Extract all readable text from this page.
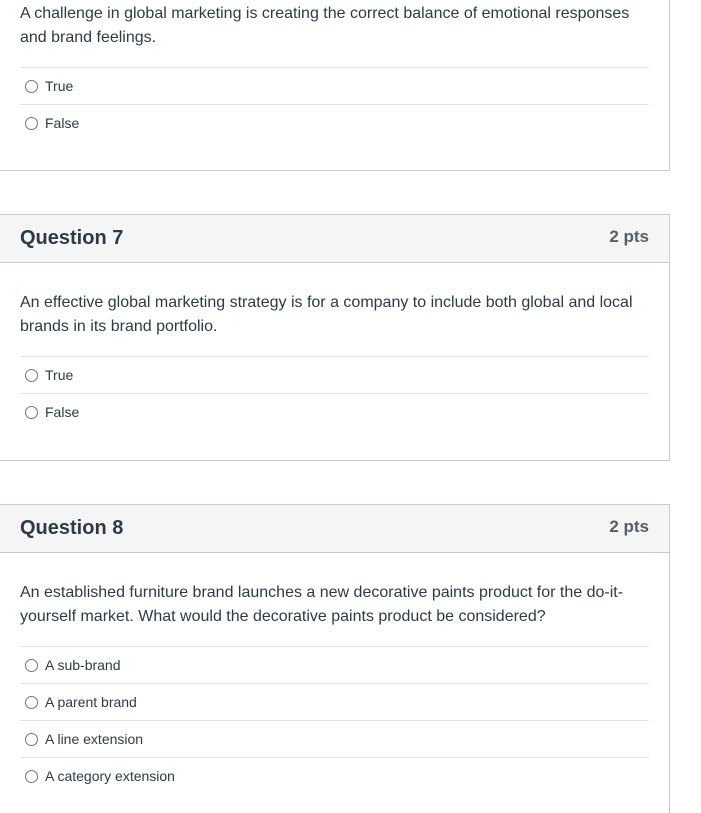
A challenge in global marketing is creating the correct balance of emotional responses and brand feelings.
True
False
Question 7	2 pts
An effective global marketing strategy is for a company to include both global and local brands in its brand portfolio.
True
False
Question 8	2 pts
An established furniture brand launches a new decorative paints product for the do-it-yourself market. What would the decorative paints product be considered?
A sub-brand
A parent brand
A line extension
A category extension
